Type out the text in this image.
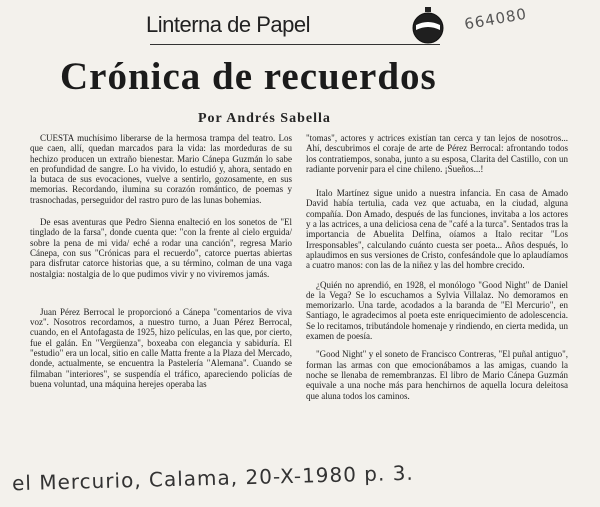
Linterna de Papel	664080
Crónica de recuerdos
Por Andrés Sabella

CUESTA muchísimo liberarse de la hermosa trampa del teatro. Los que caen, allí, quedan marcados para la vida: las mordeduras de su hechizo producen un extraño bienestar. Mario Cánepa Guzmán lo sabe en profundidad de sangre. Lo ha vivido, lo estudió y, ahora, sentado en la butaca de sus evocaciones, vuelve a sentirlo, gozosamente, en sus memorias. Recordando, ilumina su corazón romántico, de poemas y trasnochadas, perseguidor del rastro puro de las lunas bohemias.

De esas aventuras que Pedro Sienna enalteció en los sonetos de "El tinglado de la farsa", donde cuenta que: "con la frente al cielo erguida/ sobre la pena de mi vida/ eché a rodar una canción", regresa Mario Cánepa, con sus "Crónicas para el recuerdo", catorce puertas abiertas para disfrutar catorce historias que, a su término, colman de una vaga nostalgia: nostalgia de lo que pudimos vivir y no viviremos jamás.

Juan Pérez Berrocal le proporcionó a Cánepa "comentarios de viva voz". Nosotros recordamos, a nuestro turno, a Juan Pérez Berrocal, cuando, en el Antofagasta de 1925, hizo películas, en las que, por cierto, fue el galán. En "Vergüenza", boxeaba con elegancia y sabiduría. El "estudio" era un local, sitio en calle Matta frente a la Plaza del Mercado, donde, actualmente, se encuentra la Pastelería "Alemana". Cuando se filmaban "interiores", se suspendía el tráfico, apareciendo policías de buena voluntad, una máquina herejes operaba las

"tomas", actores y actrices existían tan cerca y tan lejos de nosotros... Ahí, descubrimos el coraje de arte de Pérez Berrocal: afrontando todos los contratiempos, sonaba, junto a su esposa, Clarita del Castillo, con un radiante porvenir para el cine chileno. ¡Sueños...!

Italo Martínez sigue unido a nuestra infancia. En casa de Amado David había tertulia, cada vez que actuaba, en la ciudad, alguna compañía. Don Amado, después de las funciones, invitaba a los actores y a las actrices, a una deliciosa cena de "café a la turca". Sentados tras la importancia de Abuelita Delfina, oíamos a Italo recitar "Los Irresponsables", calculando cuánto cuesta ser poeta... Años después, lo aplaudimos en sus versiones de Cristo, confesándole que lo aplaudíamos a cuatro manos: con las de la niñez y las del hombre crecido.

¿Quién no aprendió, en 1928, el monólogo "Good Night" de Daniel de la Vega? Se lo escuchamos a Sylvia Villalaz. No demoramos en memorizarlo. Una tarde, acodados a la baranda de "El Mercurio", en Santiago, le agradecimos al poeta este enriquecimiento de adolescencia. Se lo recitamos, tributándole homenaje y rindiendo, en cierta medida, un examen de poesía.

"Good Night" y el soneto de Francisco Contreras, "El puñal antiguo", forman las armas con que emocionábamos a las amigas, cuando la noche se llenaba de remembranzas. El libro de Mario Cánepa Guzmán equivale a una noche más para henchirnos de aquella locura deleitosa que aluna todos los caminos.

el Mercurio, Calama, 20-X-1980 p. 3.
